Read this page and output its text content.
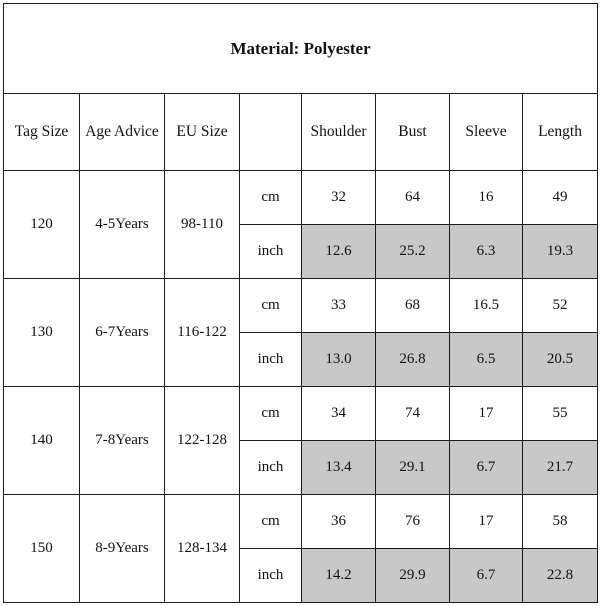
Material: Polyester							
Tag Size	Age Advice	EU Size		Shoulder	Bust	Sleeve	Length
120	4-5Years	98-110	cm	32	64	16	49
			inch	12.6	25.2	6.3	19.3
130	6-7Years	116-122	cm	33	68	16.5	52
			inch	13.0	26.8	6.5	20.5
140	7-8Years	122-128	cm	34	74	17	55
			inch	13.4	29.1	6.7	21.7
150	8-9Years	128-134	cm	36	76	17	58
			inch	14.2	29.9	6.7	22.8
